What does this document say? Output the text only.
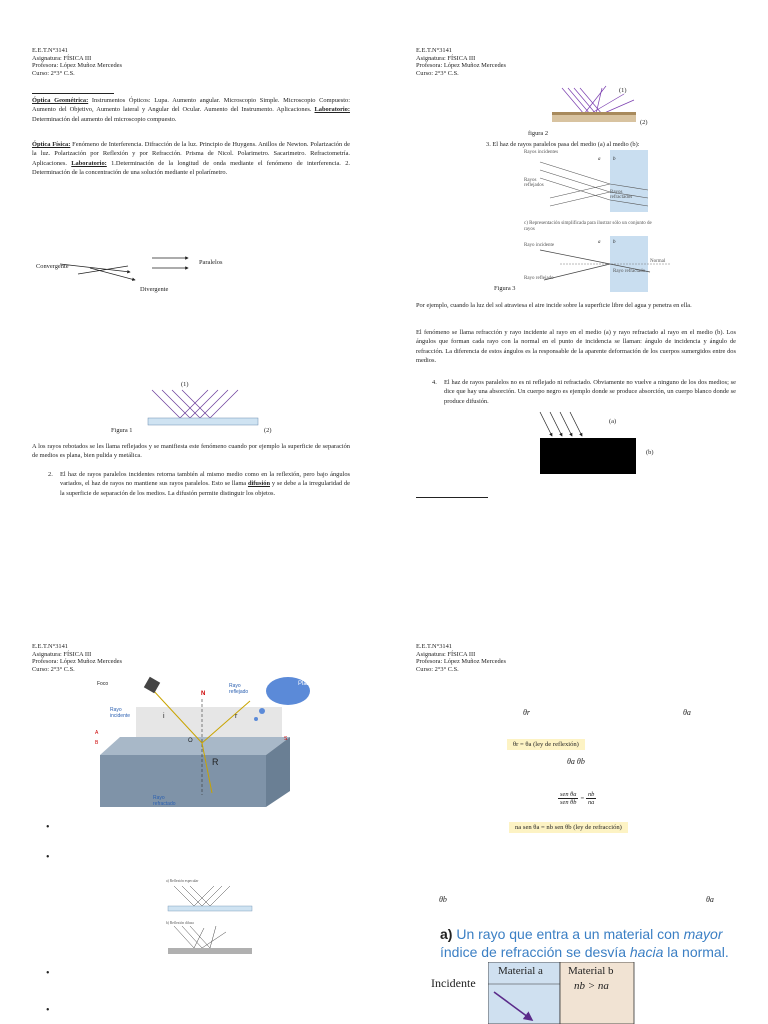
E.E.T.N°3141
Asignatura: FÍSICA III
Profesora: López Muñoz Mercedes
Curso: 2°3° C.S.
Óptica Geométrica: Instrumentos Ópticos: Lupa. Aumento angular. Microscopio Simple. Microscopio Compuesto: Aumento del Objetivo, Aumento lateral y Angular del Ocular. Aumento del Instrumento. Aplicaciones. Laboratorio: Determinación del aumento del microscopio compuesto.
Óptica Física: Fenómeno de Interferencia. Difracción de la luz. Principio de Huygens. Anillos de Newton. Polarización de la luz. Polarización por Reflexión y por Refracción. Prisma de Nicol. Polarimetro. Sacarimetro. Refractometría. Aplicaciones. Laboratorio: 1.Determinación de la longitud de onda mediante el fenómeno de interferencia. 2. Determinación de la concentración de una solución mediante el polarímetro.
Convergente
Paralelos
Divergente
(1)
(2)
Figura 1
A los rayos rebotados se les llama reflejados y se manifiesta este fenómeno cuando por ejemplo la superficie de separación de medios es plana, bien pulida y metálica.
2.	El haz de rayos paralelos incidentes retorna también al mismo medio como en la reflexión, pero bajo ángulos variados, el haz de rayos no mantiene sus rayos paralelos. Esto se llama difusión y se debe a la irregularidad de la superficie de separación de los medios. La difusión permite distinguir los objetos.
E.E.T.N°3141
Asignatura: FÍSICA III
Profesora: López Muñoz Mercedes
Curso: 2°3° C.S.
(1)
(2)
figura 2
3. El haz de rayos paralelos pasa del medio (a) al medio (b):
Rayos incidentes
a	b
Rayos reflejados
Rayos refractados
c) Representación simplificada para ilustrar sólo un conjunto de rayos
Rayo incidente
a	b
Normal
Rayo reflejado
Rayo refractado
Figura 3
Por ejemplo, cuando la luz del sol atraviesa el aire incide sobre la superficie libre del agua y penetra en ella.
El fenómeno se llama refracción y rayo incidente al rayo en el medio (a) y rayo refractado al rayo en el medio (b). Los ángulos que forman cada rayo con la normal en el punto de incidencia se llaman: ángulo de incidencia y ángulo de refracción. La diferencia de estos ángulos es la responsable de la aparente deformación de los cuerpos sumergidos entre dos medios.
4.	El haz de rayos paralelos no es ni reflejado ni refractado. Obviamente no vuelve a ninguno de los dos medios; se dice que hay una absorción. Un cuerpo negro es ejemplo donde se produce absorción, un cuerpo blanco donde se produce difusión.
(a)
(b)
E.E.T.N°3141
Asignatura: FÍSICA III
Profesora: López Muñoz Mercedes
Curso: 2°3° C.S.
Foco
N
Rayo reflejado
Plano
Rayo incidente	i	r
A
B	O
R
S
Rayo refractado
•
•
a) Reflexión especular
b) Reflexión difusa
•
•
E.E.T.N°3141
Asignatura: FÍSICA III
Profesora: López Muñoz Mercedes
Curso: 2°3° C.S.
θr	θa
θr = θa (ley de reflexión)
θa θb
sen θa
sen θb
= $\frac{nb}{na}$
na sen θa = nb sen θb (ley de refracción)
θb	θa
a) Un rayo que entra a un material con mayor
índice de refracción se desvía hacia la normal.
Incidente
Material a Material b
nb > na
